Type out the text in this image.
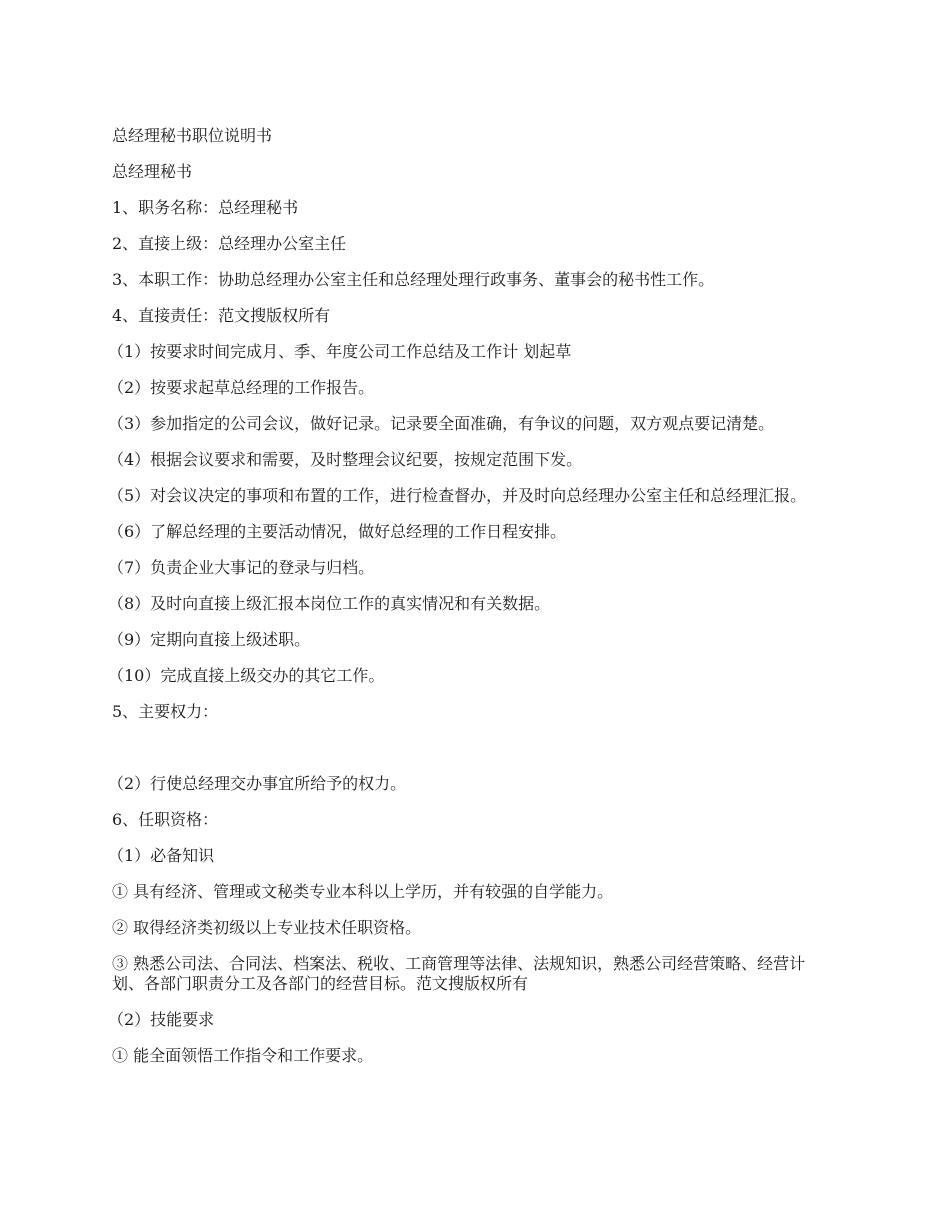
总经理秘书职位说明书

总经理秘书

1、职务名称：总经理秘书

2、直接上级：总经理办公室主任

3、本职工作：协助总经理办公室主任和总经理处理行政事务、董事会的秘书性工作。

4、直接责任：范文搜版权所有

（1）按要求时间完成月、季、年度公司工作总结及工作计 划起草

（2）按要求起草总经理的工作报告。

（3）参加指定的公司会议，做好记录。记录要全面准确，有争议的问题，双方观点要记清楚。

（4）根据会议要求和需要，及时整理会议纪要，按规定范围下发。

（5）对会议决定的事项和布置的工作，进行检查督办，并及时向总经理办公室主任和总经理汇报。

（6）了解总经理的主要活动情况，做好总经理的工作日程安排。

（7）负责企业大事记的登录与归档。

（8）及时向直接上级汇报本岗位工作的真实情况和有关数据。

（9）定期向直接上级述职。

（10）完成直接上级交办的其它工作。

5、主要权力：

（2）行使总经理交办事宜所给予的权力。

6、任职资格：

（1）必备知识

① 具有经济、管理或文秘类专业本科以上学历，并有较强的自学能力。

② 取得经济类初级以上专业技术任职资格。

③ 熟悉公司法、合同法、档案法、税收、工商管理等法律、法规知识，熟悉公司经营策略、经营计划、各部门职责分工及各部门的经营目标。范文搜版权所有

（2）技能要求

① 能全面领悟工作指令和工作要求。
